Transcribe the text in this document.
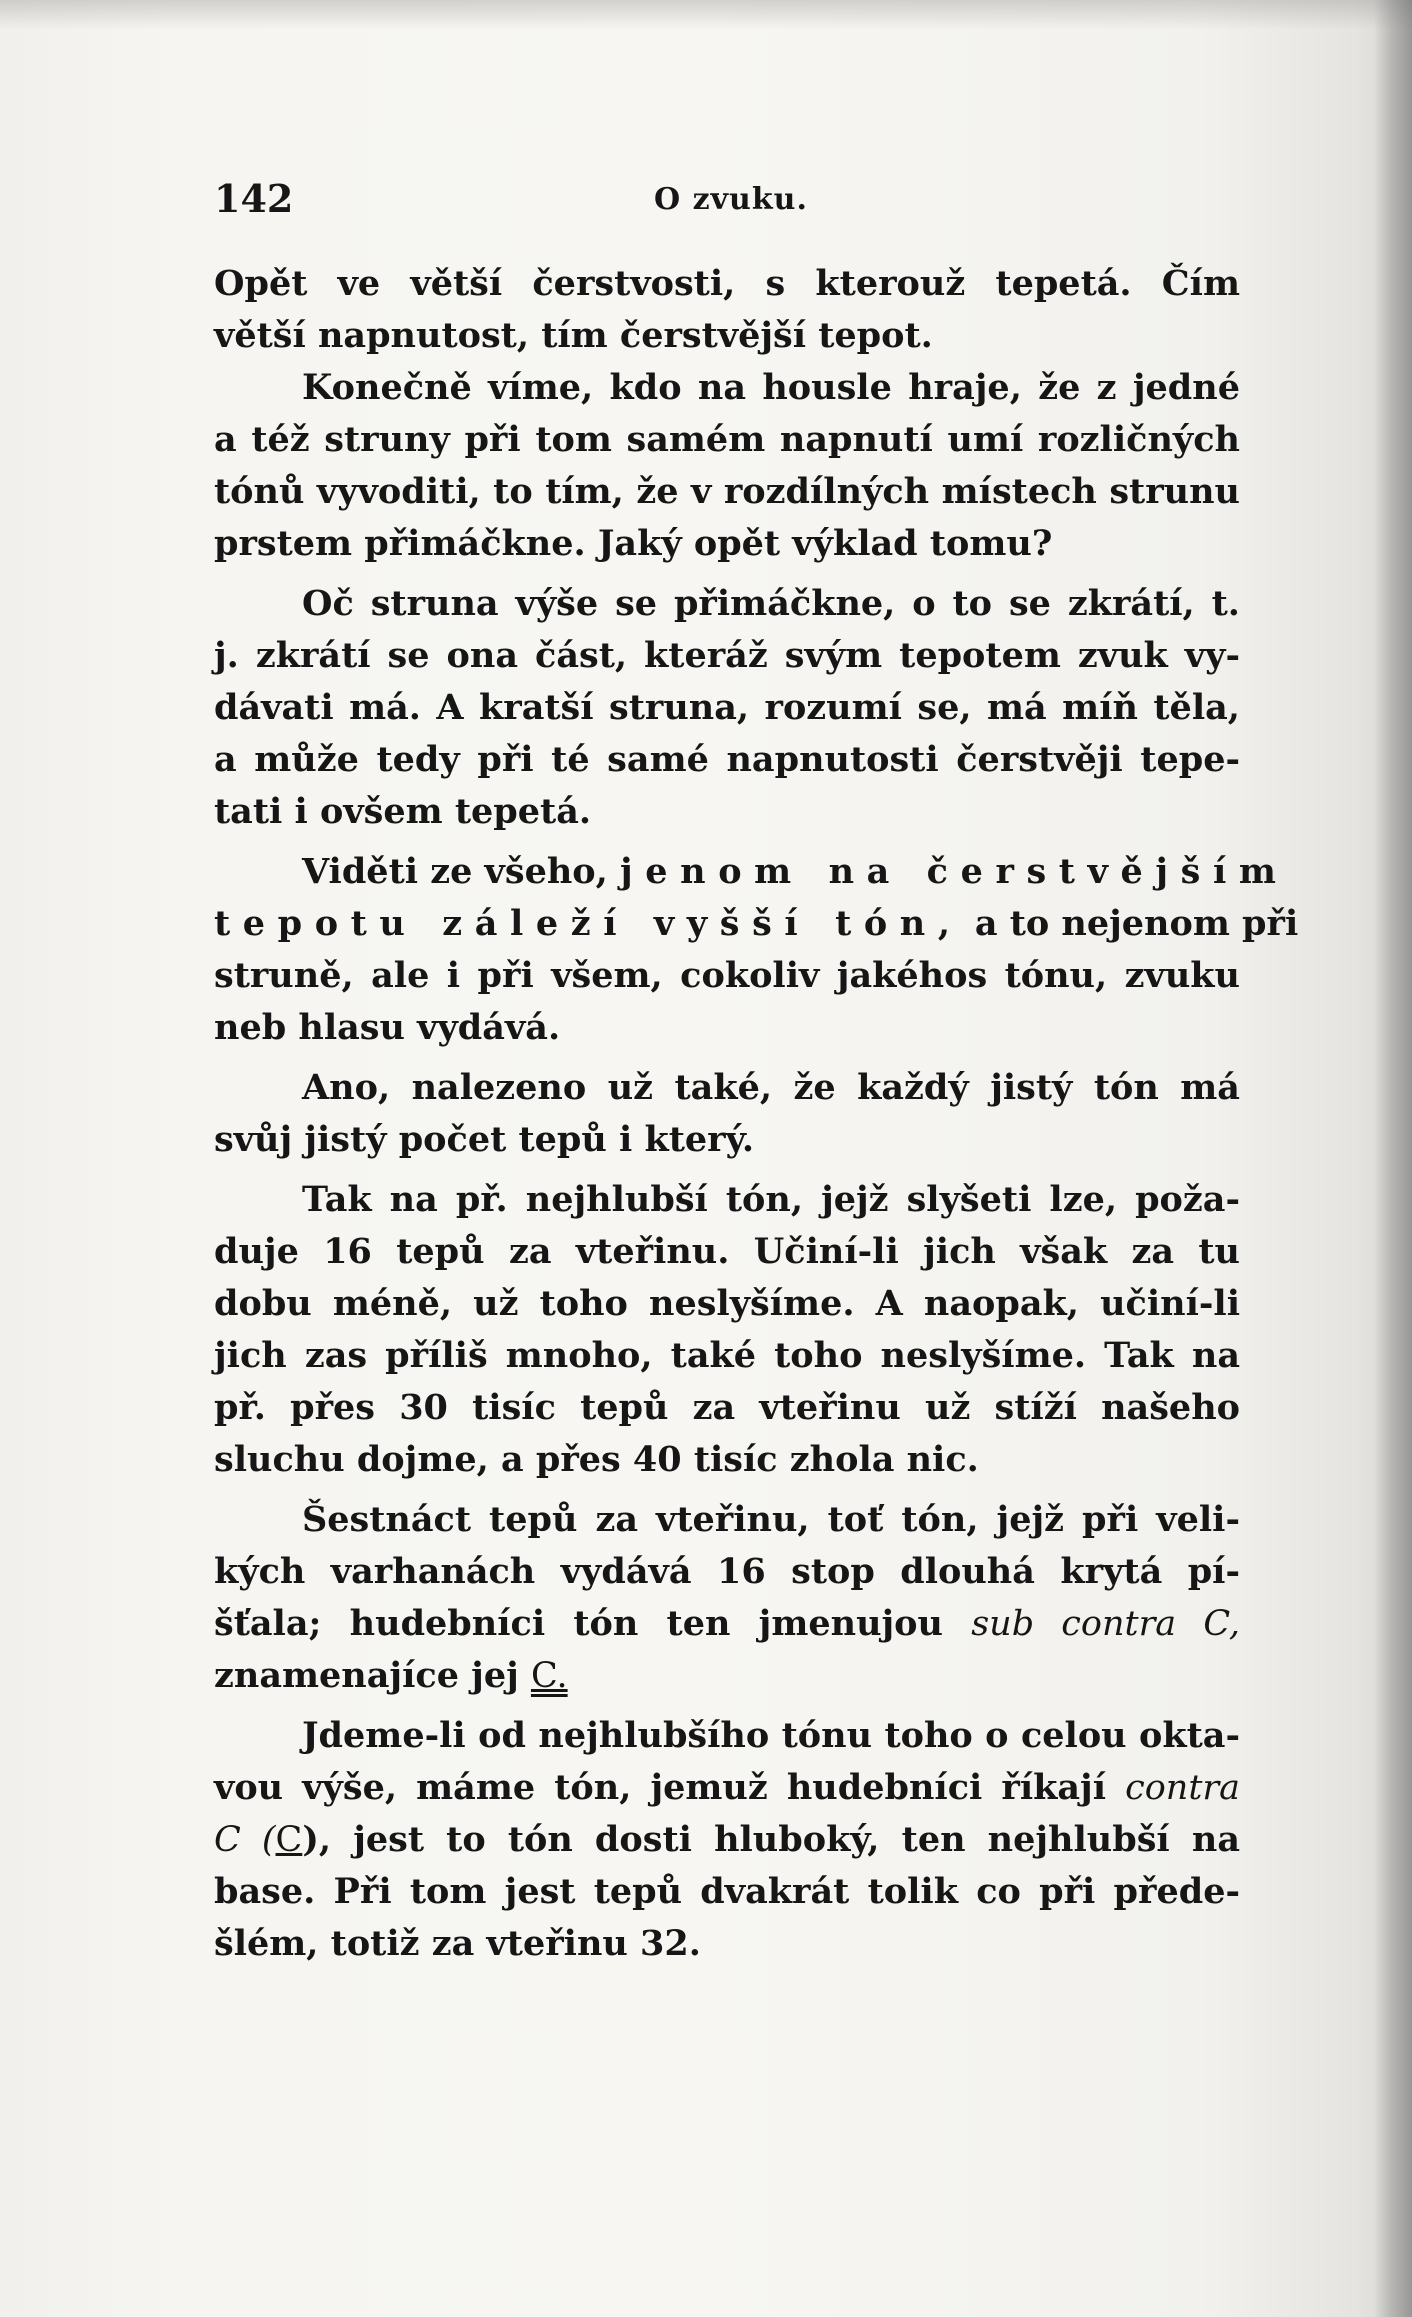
142	O zvuku.
Opět ve větší čerstvosti, s kterouž tepetá. Čím
větší napnutost, tím čerstvější tepot.
Konečně víme, kdo na housle hraje, že z jedné
a též struny při tom samém napnutí umí rozličných
tónů vyvoditi, to tím, že v rozdílných místech strunu
prstem přimáčkne. Jaký opět výklad tomu?
Oč struna výše se přimáčkne, o to se zkrátí, t.
j. zkrátí se ona část, kteráž svým tepotem zvuk vy-
dávati má. A kratší struna, rozumí se, má míň těla,
a může tedy při té samé napnutosti čerstvěji tepe-
tati i ovšem tepetá.
Viděti ze všeho, jenom na čerstvějším
tepotu záleží vyšší tón, a to nejenom při
struně, ale i při všem, cokoliv jakéhos tónu, zvuku
neb hlasu vydává.
Ano, nalezeno už také, že každý jistý tón má
svůj jistý počet tepů i který.
Tak na př. nejhlubší tón, jejž slyšeti lze, poža-
duje 16 tepů za vteřinu. Učiní-li jich však za tu
dobu méně, už toho neslyšíme. A naopak, učiní-li
jich zas příliš mnoho, také toho neslyšíme. Tak na
př. přes 30 tisíc tepů za vteřinu už stíží našeho
sluchu dojme, a přes 40 tisíc zhola nic.
Šestnáct tepů za vteřinu, toť tón, jejž při veli-
kých varhanách vydává 16 stop dlouhá krytá pí-
šťala; hudebníci tón ten jmenujou sub contra C,
znamenajíce jej C.
Jdeme-li od nejhlubšího tónu toho o celou okta-
vou výše, máme tón, jemuž hudebníci říkají contra
C (C), jest to tón dosti hluboký, ten nejhlubší na
base. Při tom jest tepů dvakrát tolik co při přede-
šlém, totiž za vteřinu 32.
